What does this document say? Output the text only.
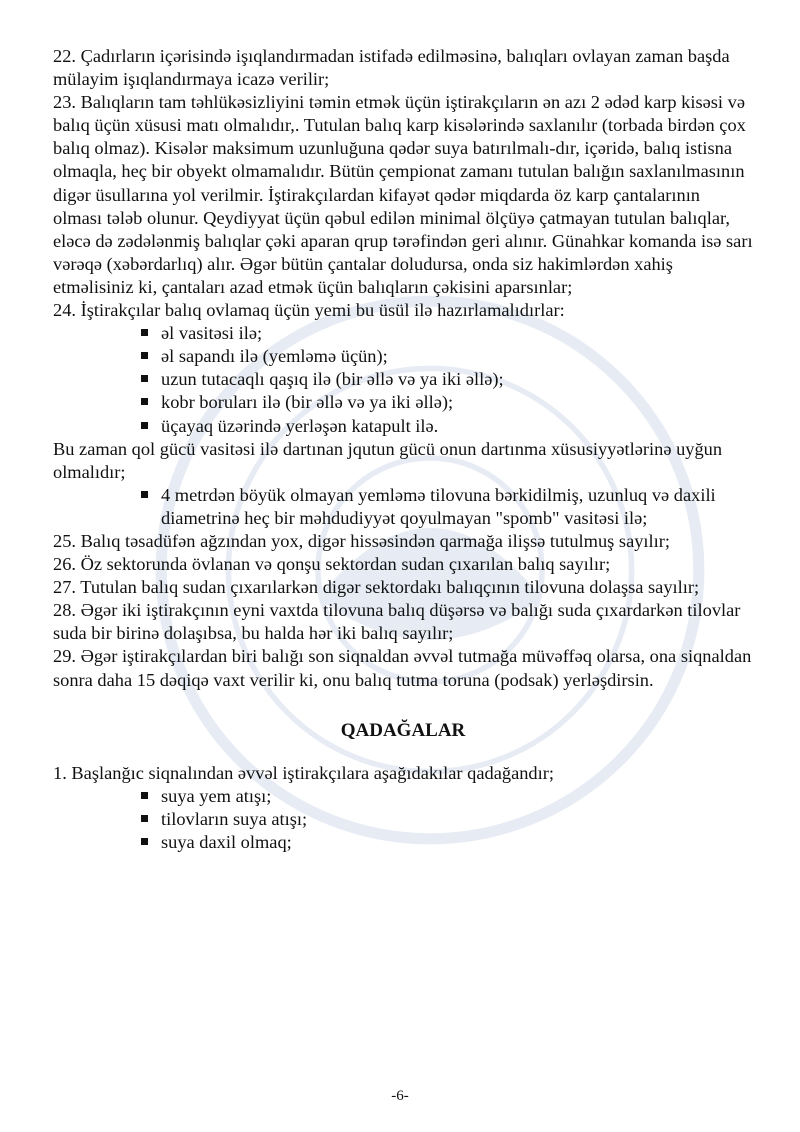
22. Çadırların içərisində işıqlandırmadan istifadə edilməsinə, balıqları ovlayan zaman başda mülayim işıqlandırmaya icazə verilir;

23. Balıqların tam təhlükəsizliyini təmin etmək üçün iştirakçıların ən azı 2 ədəd karp kisəsi və balıq üçün xüsusi matı olmalıdır,. Tutulan balıq karp kisələrində saxlanılır (torbada birdən çox balıq olmaz). Kisələr maksimum uzunluğuna qədər suya batırılmalı-dır, içəridə, balıq istisna olmaqla, heç bir obyekt olmamalıdır. Bütün çempionat zamanı tutulan balığın saxlanılmasının digər üsullarına yol verilmir. İştirakçılardan kifayət qədər miqdarda öz karp çantalarının olması tələb olunur. Qeydiyyat üçün qəbul edilən minimal ölçüyə çatmayan tutulan balıqlar, eləcə də zədələnmiş balıqlar çəki aparan qrup tərəfindən geri alınır. Günahkar komanda isə sarı vərəqə (xəbərdarlıq) alır. Əgər bütün çantalar doludursa, onda siz hakimlərdən xahiş etməlisiniz ki, çantaları azad etmək üçün balıqların çəkisini aparsınlar;

24. İştirakçılar balıq ovlamaq üçün yemi bu üsül ilə hazırlamalıdırlar:

əl vasitəsi ilə;
əl sapandı ilə (yemləmə üçün);
uzun tutacaqlı qaşıq ilə (bir əllə və ya iki əllə);
kobr boruları ilə (bir əllə və ya iki əllə);
üçayaq üzərində yerləşən katapult ilə.

Bu zaman qol gücü vasitəsi ilə dartınan jqutun gücü onun dartınma xüsusiyyətlərinə uyğun olmalıdır;

4 metrdən böyük olmayan yemləmə tilovuna bərkidilmiş, uzunluq və daxili diametrinə heç bir məhdudiyyət qoyulmayan "spomb" vasitəsi ilə;

25. Balıq təsadüfən ağzından yox, digər hissəsindən qarmağa ilişsə tutulmuş sayılır;

26. Öz sektorunda övlanan və qonşu sektordan sudan çıxarılan balıq sayılır;

27. Tutulan balıq sudan çıxarılarkən digər sektordakı balıqçının tilovuna dolaşsa sayılır;

28. Əgər iki iştirakçının eyni vaxtda tilovuna balıq düşərsə və balığı suda çıxardarkən tilovlar suda bir birinə dolaşıbsa, bu halda hər iki balıq sayılır;

29. Əgər iştirakçılardan biri balığı son siqnaldan əvvəl tutmağa müvəffəq olarsa, ona siqnaldan sonra daha 15 dəqiqə vaxt verilir ki, onu balıq tutma toruna (podsak) yerləşdirsin.

QADAĞALAR

1. Başlanğıc siqnalından əvvəl iştirakçılara aşağıdakılar qadağandır;

suya yem atışı;
tilovların suya atışı;
suya daxil olmaq;
-6-
